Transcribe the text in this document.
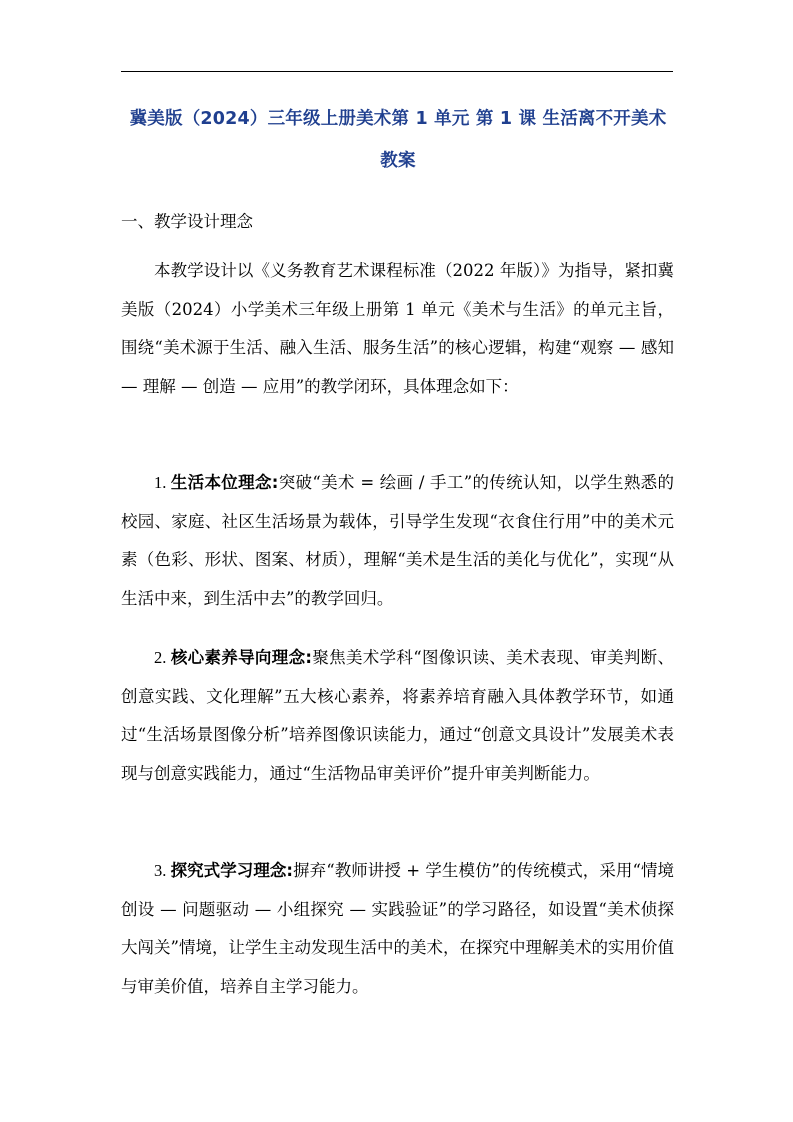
冀美版（2024）三年级上册美术第 1 单元 第 1 课 生活离不开美术
教案
一、教学设计理念

本教学设计以《义务教育艺术课程标准（2022 年版）》为指导，紧扣冀美版（2024）小学美术三年级上册第 1 单元《美术与生活》的单元主旨，围绕“美术源于生活、融入生活、服务生活”的核心逻辑，构建“观察 — 感知 — 理解 — 创造 — 应用”的教学闭环，具体理念如下：

1. 生活本位理念:突破“美术 = 绘画 / 手工”的传统认知，以学生熟悉的校园、家庭、社区生活场景为载体，引导学生发现“衣食住行用”中的美术元素（色彩、形状、图案、材质），理解“美术是生活的美化与优化”，实现“从生活中来，到生活中去”的教学回归。

2. 核心素养导向理念:聚焦美术学科“图像识读、美术表现、审美判断、创意实践、文化理解”五大核心素养，将素养培育融入具体教学环节，如通过“生活场景图像分析”培养图像识读能力，通过“创意文具设计”发展美术表现与创意实践能力，通过“生活物品审美评价”提升审美判断能力。

3. 探究式学习理念:摒弃“教师讲授 + 学生模仿”的传统模式，采用“情境创设 — 问题驱动 — 小组探究 — 实践验证”的学习路径，如设置“美术侦探大闯关”情境，让学生主动发现生活中的美术，在探究中理解美术的实用价值与审美价值，培养自主学习能力。
